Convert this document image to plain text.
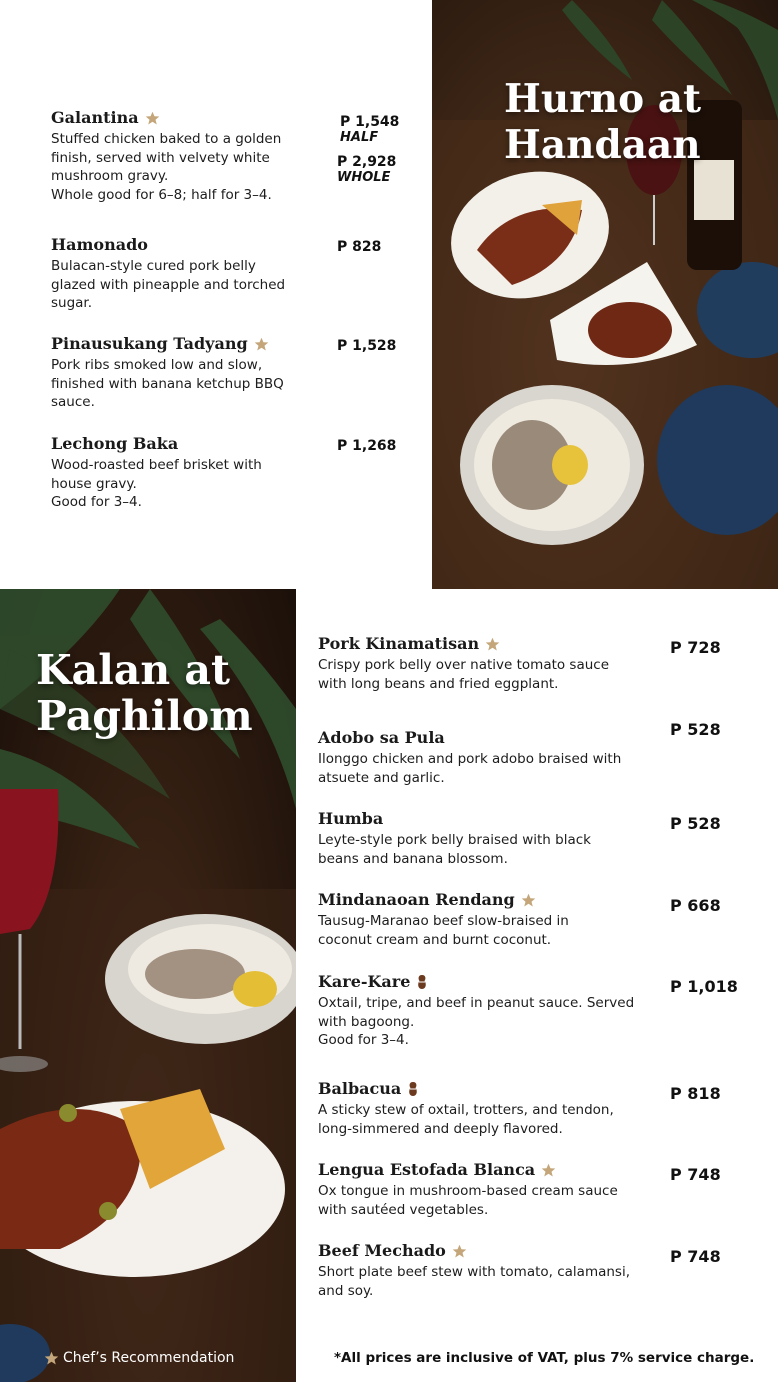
Hurno at
Handaan
Kalan at
Paghilom
Galantina
Stuffed chicken baked to a golden
finish, served with velvety white
mushroom gravy.
Whole good for 6–8; half for 3–4.
P 1,548
HALF
P 2,928
WHOLE
Hamonado
Bulacan-style cured pork belly
glazed with pineapple and torched
sugar.
P 828
Pinausukang Tadyang
Pork ribs smoked low and slow,
finished with banana ketchup BBQ
sauce.
P 1,528
Lechong Baka
Wood-roasted beef brisket with
house gravy.
Good for 3–4.
P 1,268
Pork Kinamatisan
Crispy pork belly over native tomato sauce
with long beans and fried eggplant.
P 728
Adobo sa Pula
Ilonggo chicken and pork adobo braised with
atsuete and garlic.
P 528
Humba
Leyte-style pork belly braised with black
beans and banana blossom.
P 528
Mindanaoan Rendang
Tausug-Maranao beef slow-braised in
coconut cream and burnt coconut.
P 668
Kare-Kare
Oxtail, tripe, and beef in peanut sauce. Served
with bagoong.
Good for 3–4.
P 1,018
Balbacua
A sticky stew of oxtail, trotters, and tendon,
long-simmered and deeply flavored.
P 818
Lengua Estofada Blanca
Ox tongue in mushroom-based cream sauce
with sautéed vegetables.
P 748
Beef Mechado
Short plate beef stew with tomato, calamansi,
and soy.
P 748
Chef’s Recommendation	*All prices are inclusive of VAT, plus 7% service charge.
